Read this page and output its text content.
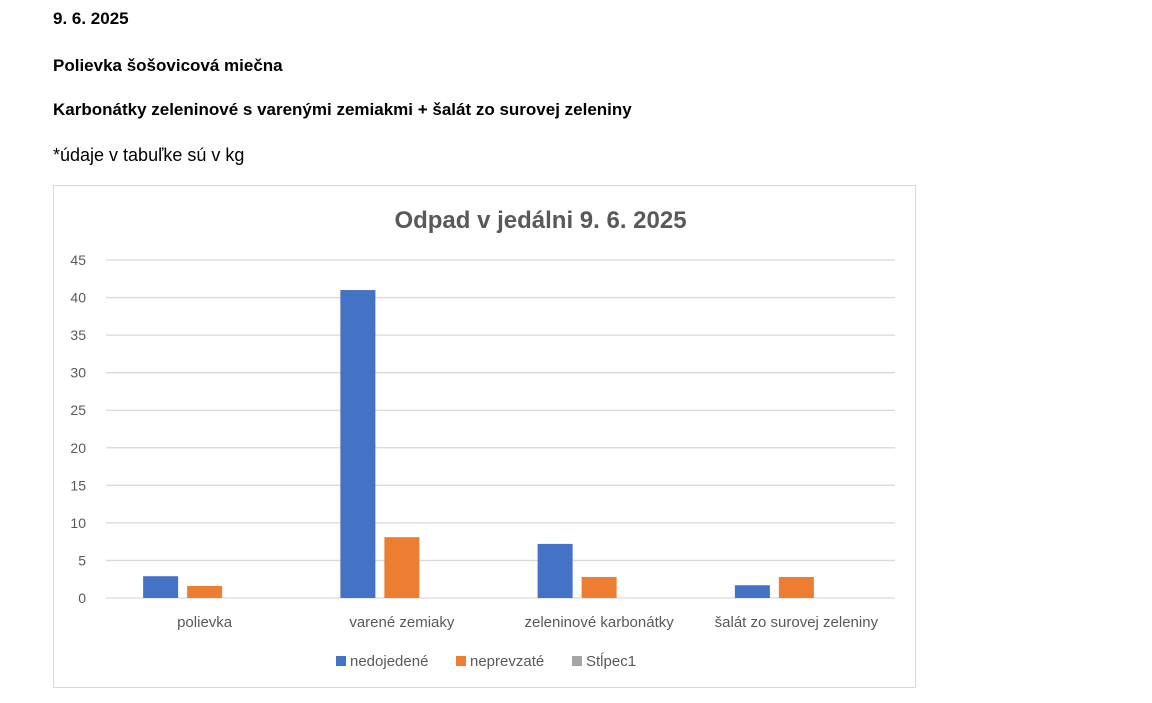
9. 6. 2025
Polievka šošovicová miečna
Karbonátky zeleninové s varenými zemiakmi + šalát zo surovej zeleniny
*údaje v tabuľke sú v kg
Odpad v jedálni 9. 6. 2025
0
5
10
15
20
25
30
35
40
45
polievka	varené zemiaky	zeleninové karbonátky	šalát zo surovej zeleniny
nedojedené	neprevzaté	Stĺpec1
